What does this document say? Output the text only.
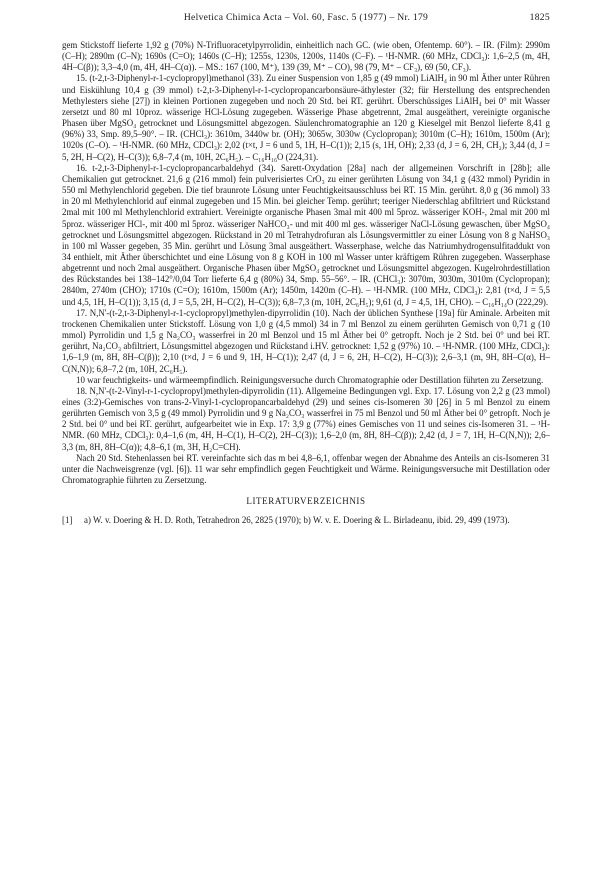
Helvetica Chimica Acta – Vol. 60, Fasc. 5 (1977) – Nr. 179	1825

gem Stickstoff lieferte 1,92 g (70%) N-Trifluoracetylpyrrolidin, einheitlich nach GC. (wie oben, Ofentemp. 60°). – IR. (Film): 2990m (C–H); 2890m (C–N); 1690s (C=O); 1460s (C–H); 1255s, 1230s, 1200s, 1140s (C–F). – ¹H-NMR. (60 MHz, CDCl₃): 1,6–2,5 (m, 4H, 4H–C(β)); 3,3–4,0 (m, 4H, 4H–C(α)). – MS.: 167 (100, M⁺), 139 (39, M⁺ – CO), 98 (79, M⁺ – CF₃), 69 (50, CF₃).

15. (t-2,t-3-Diphenyl-r-1-cyclopropyl)methanol (33). Zu einer Suspension von 1,85 g (49 mmol) LiAlH₄ in 90 ml Äther unter Rühren und Eiskühlung 10,4 g (39 mmol) t-2,t-3-Diphenyl-r-1-cyclopropancarbonsäure-äthylester (32; für Herstellung des entsprechenden Methylesters siehe [27]) in kleinen Portionen zugegeben und noch 20 Std. bei RT. gerührt. Überschüssiges LiAlH₄ bei 0° mit Wasser zersetzt und 80 ml 10proz. wässerige HCl-Lösung zugegeben. Wässerige Phase abgetrennt, 2mal ausgeäthert, vereinigte organische Phasen über MgSO₄ getrocknet und Lösungsmittel abgezogen. Säulenchromatographie an 120 g Kieselgel mit Benzol lieferte 8,41 g (96%) 33, Smp. 89,5–90°. – IR. (CHCl₃): 3610m, 3440w br. (OH); 3065w, 3030w (Cyclopropan); 3010m (C–H); 1610m, 1500m (Ar); 1020s (C–O). – ¹H-NMR. (60 MHz, CDCl₃): 2,02 (t×t, J = 6 und 5, 1H, H–C(1)); 2,15 (s, 1H, OH); 2,33 (d, J = 6, 2H, CH₂); 3,44 (d, J = 5, 2H, H–C(2), H–C(3)); 6,8–7,4 (m, 10H, 2C₆H₅). – C₁₆H₁₆O (224,31).

16. t-2,t-3-Diphenyl-r-1-cyclopropancarbaldehyd (34). Sarett-Oxydation [28a] nach der allgemeinen Vorschrift in [28b]; alle Chemikalien gut getrocknet. 21,6 g (216 mmol) fein pulverisiertes CrO₃ zu einer gerührten Lösung von 34,1 g (432 mmol) Pyridin in 550 ml Methylenchlorid gegeben. Die tief braunrote Lösung unter Feuchtigkeitsausschluss bei RT. 15 Min. gerührt. 8,0 g (36 mmol) 33 in 20 ml Methylenchlorid auf einmal zugegeben und 15 Min. bei gleicher Temp. gerührt; teeriger Niederschlag abfiltriert und Rückstand 2mal mit 100 ml Methylenchlorid extrahiert. Vereinigte organische Phasen 3mal mit 400 ml 5proz. wässeriger KOH-, 2mal mit 200 ml 5proz. wässeriger HCl-, mit 400 ml 5proz. wässeriger NaHCO₃- und mit 400 ml ges. wässeriger NaCl-Lösung gewaschen, über MgSO₄ getrocknet und Lösungsmittel abgezogen. Rückstand in 20 ml Tetrahydrofuran als Lösungsvermittler zu einer Lösung von 8 g NaHSO₃ in 100 ml Wasser gegeben, 35 Min. gerührt und Lösung 3mal ausgeäthert. Wasserphase, welche das Natriumhydrogensulfitaddukt von 34 enthielt, mit Äther überschichtet und eine Lösung von 8 g KOH in 100 ml Wasser unter kräftigem Rühren zugegeben. Wasserphase abgetrennt und noch 2mal ausgeäthert. Organische Phasen über MgSO₄ getrocknet und Lösungsmittel abgezogen. Kugelrohrdestillation des Rückstandes bei 138–142°/0,04 Torr lieferte 6,4 g (80%) 34, Smp. 55–56°. – IR. (CHCl₃): 3070m, 3030m, 3010m (Cyclopropan); 2840m, 2740m (CHO); 1710s (C=O); 1610m, 1500m (Ar); 1450m, 1420m (C–H). – ¹H-NMR. (100 MHz, CDCl₃): 2,81 (t×d, J = 5,5 und 4,5, 1H, H–C(1)); 3,15 (d, J = 5,5, 2H, H–C(2), H–C(3)); 6,8–7,3 (m, 10H, 2C₆H₅); 9,61 (d, J = 4,5, 1H, CHO). – C₁₆H₁₄O (222,29).

17. N,N'-(t-2,t-3-Diphenyl-r-1-cyclopropyl)methylen-dipyrrolidin (10). Nach der üblichen Synthese [19a] für Aminale. Arbeiten mit trockenen Chemikalien unter Stickstoff. Lösung von 1,0 g (4,5 mmol) 34 in 7 ml Benzol zu einem gerührten Gemisch von 0,71 g (10 mmol) Pyrrolidin und 1,5 g Na₂CO₃ wasserfrei in 20 ml Benzol und 15 ml Äther bei 0° getropft. Noch je 2 Std. bei 0° und bei RT. gerührt, Na₂CO₃ abfiltriert, Lösungsmittel abgezogen und Rückstand i.HV. getrocknet: 1,52 g (97%) 10. – ¹H-NMR. (100 MHz, CDCl₃): 1,6–1,9 (m, 8H, 8H–C(β)); 2,10 (t×d, J = 6 und 9, 1H, H–C(1)); 2,47 (d, J = 6, 2H, H–C(2), H–C(3)); 2,6–3,1 (m, 9H, 8H–C(α), H–C(N,N)); 6,8–7,2 (m, 10H, 2C₆H₅).

10 war feuchtigkeits- und wärmeempfindlich. Reinigungsversuche durch Chromatographie oder Destillation führten zu Zersetzung.

18. N,N'-(t-2-Vinyl-r-1-cyclopropyl)methylen-dipyrrolidin (11). Allgemeine Bedingungen vgl. Exp. 17. Lösung von 2,2 g (23 mmol) eines (3:2)-Gemisches von trans-2-Vinyl-1-cyclopropancarbaldehyd (29) und seines cis-Isomeren 30 [26] in 5 ml Benzol zu einem gerührten Gemisch von 3,5 g (49 mmol) Pyrrolidin und 9 g Na₂CO₃ wasserfrei in 75 ml Benzol und 50 ml Äther bei 0° getropft. Noch je 2 Std. bei 0° und bei RT. gerührt, aufgearbeitet wie in Exp. 17: 3,9 g (77%) eines Gemisches von 11 und seines cis-Isomeren 31. – ¹H-NMR. (60 MHz, CDCl₃): 0,4–1,6 (m, 4H, H–C(1), H–C(2), 2H–C(3)); 1,6–2,0 (m, 8H, 8H–C(β)); 2,42 (d, J = 7, 1H, H–C(N,N)); 2,6–3,3 (m, 8H, 8H–C(α)); 4,8–6,1 (m, 3H, H₂C=CH).

Nach 20 Std. Stehenlassen bei RT. vereinfachte sich das m bei 4,8–6,1, offenbar wegen der Abnahme des Anteils an cis-Isomeren 31 unter die Nachweisgrenze (vgl. [6]). 11 war sehr empfindlich gegen Feuchtigkeit und Wärme. Reinigungsversuche mit Destillation oder Chromatographie führten zu Zersetzung.

LITERATURVERZEICHNIS

[1] a) W. v. Doering & H. D. Roth, Tetrahedron 26, 2825 (1970); b) W. v. E. Doering & L. Birladeanu, ibid. 29, 499 (1973).
